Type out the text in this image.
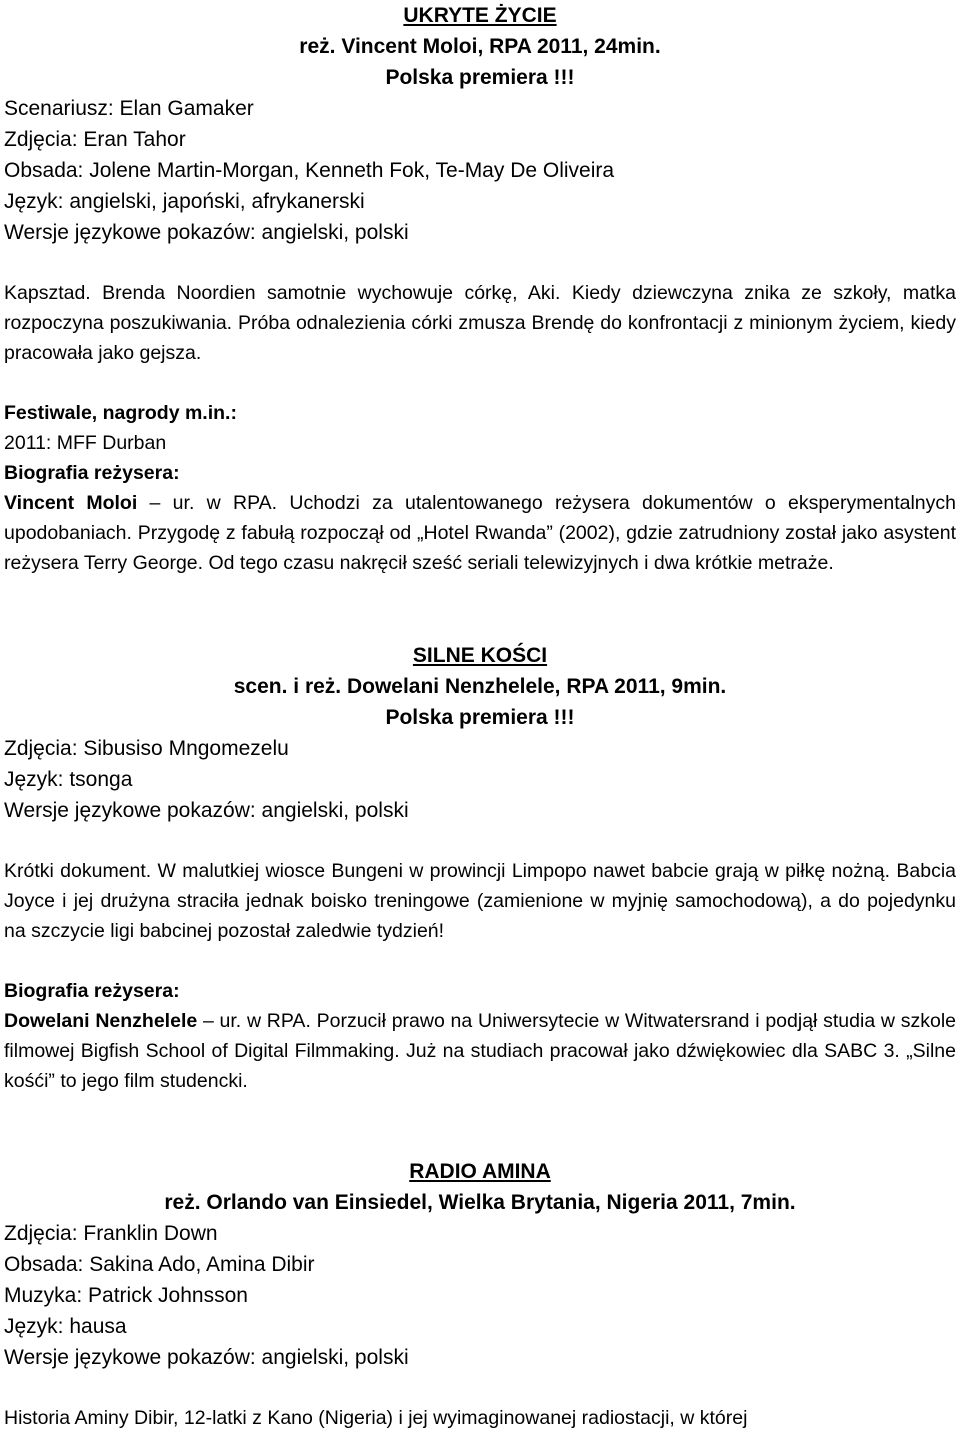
UKRYTE ŻYCIE
reż. Vincent Moloi, RPA 2011, 24min.
Polska premiera !!!
Scenariusz: Elan Gamaker
Zdjęcia: Eran Tahor
Obsada: Jolene Martin-Morgan, Kenneth Fok, Te-May De Oliveira
Język: angielski, japoński, afrykanerski
Wersje językowe pokazów: angielski, polski

Kapsztad. Brenda Noordien samotnie wychowuje córkę, Aki. Kiedy dziewczyna znika ze szkoły, matka rozpoczyna poszukiwania. Próba odnalezienia córki zmusza Brendę do konfrontacji z minionym życiem, kiedy pracowała jako gejsza.

Festiwale, nagrody m.in.:
2011: MFF Durban
Biografia reżysera:

Vincent Moloi – ur. w RPA. Uchodzi za utalentowanego reżysera dokumentów o eksperymentalnych upodobaniach. Przygodę z fabułą rozpoczął od „Hotel Rwanda” (2002), gdzie zatrudniony został jako asystent reżysera Terry George. Od tego czasu nakręcił sześć seriali telewizyjnych i dwa krótkie metraże.

SILNE KOŚCI
scen. i reż. Dowelani Nenzhelele, RPA 2011, 9min.
Polska premiera !!!
Zdjęcia: Sibusiso Mngomezelu
Język: tsonga
Wersje językowe pokazów: angielski, polski

Krótki dokument. W malutkiej wiosce Bungeni w prowincji Limpopo nawet babcie grają w piłkę nożną. Babcia Joyce i jej drużyna straciła jednak boisko treningowe (zamienione w myjnię samochodową), a do pojedynku na szczycie ligi babcinej pozostał zaledwie tydzień!

Biografia reżysera:

Dowelani Nenzhelele – ur. w RPA. Porzucił prawo na Uniwersytecie w Witwatersrand i podjął studia w szkole filmowej Bigfish School of Digital Filmmaking. Już na studiach pracował jako dźwiękowiec dla SABC 3. „Silne kośći” to jego film studencki.

RADIO AMINA
reż. Orlando van Einsiedel, Wielka Brytania, Nigeria 2011, 7min.
Zdjęcia: Franklin Down
Obsada: Sakina Ado, Amina Dibir
Muzyka: Patrick Johnsson
Język: hausa
Wersje językowe pokazów: angielski, polski

Historia Aminy Dibir, 12-latki z Kano (Nigeria) i jej wyimaginowanej radiostacji, w której
